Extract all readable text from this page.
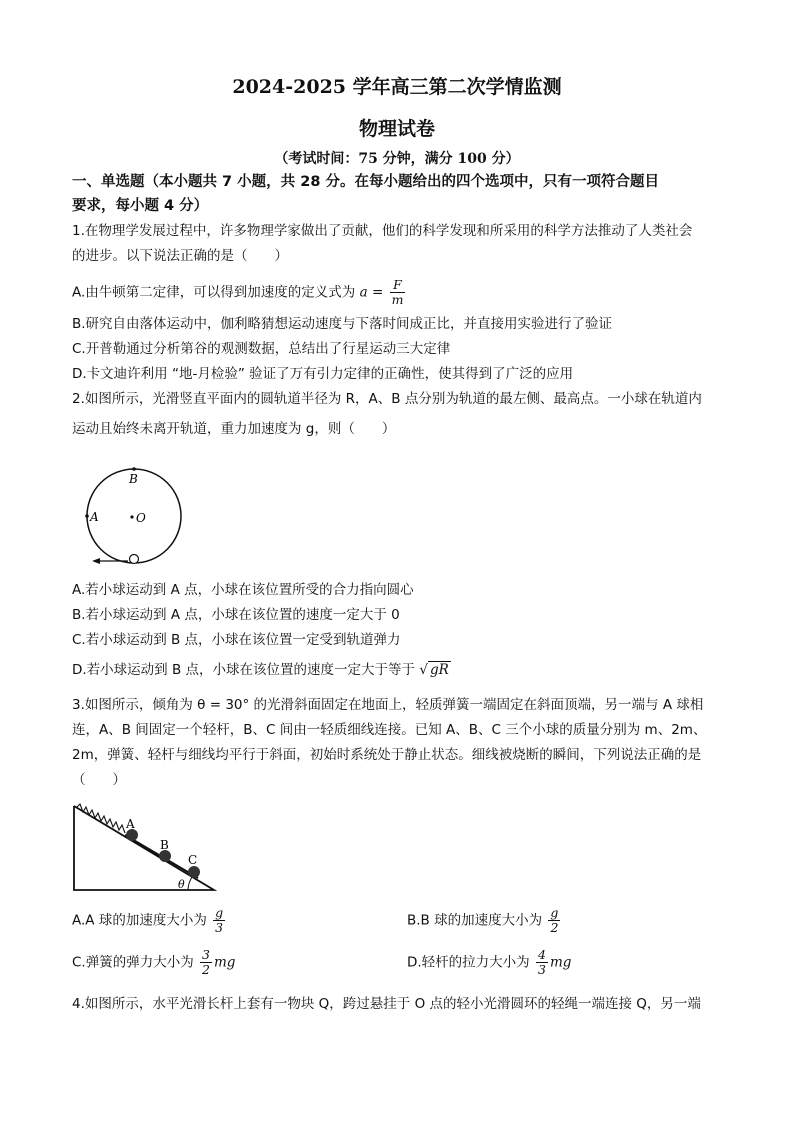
2024-2025 学年高三第二次学情监测
物理试卷
（考试时间：75 分钟，满分 100 分）
一、单选题（本小题共 7 小题，共 28 分。在每小题给出的四个选项中，只有一项符合题目
要求，每小题 4 分）
1.在物理学发展过程中，许多物理学家做出了贡献，他们的科学发现和所采用的科学方法推动了人类社会
的进步。以下说法正确的是（　　）
A.由牛顿第二定律，可以得到加速度的定义式为 $a = \frac{F}{m}$
B.研究自由落体运动中，伽利略猜想运动速度与下落时间成正比，并直接用实验进行了验证
C.开普勒通过分析第谷的观测数据，总结出了行星运动三大定律
D.卡文迪许利用 “地-月检验” 验证了万有引力定律的正确性，使其得到了广泛的应用
2.如图所示，光滑竖直平面内的圆轨道半径为 R，A、B 点分别为轨道的最左侧、最高点。一小球在轨道内
运动且始终未离开轨道，重力加速度为 g，则（　　）
B
A	O
A.若小球运动到 A 点，小球在该位置所受的合力指向圆心
B.若小球运动到 A 点，小球在该位置的速度一定大于 0
C.若小球运动到 B 点，小球在该位置一定受到轨道弹力
D.若小球运动到 B 点，小球在该位置的速度一定大于等于 √ gR
3.如图所示，倾角为 θ = 30° 的光滑斜面固定在地面上，轻质弹簧一端固定在斜面顶端，另一端与 A 球相
连，A、B 间固定一个轻杆，B、C 间由一轻质细线连接。已知 A、B、C 三个小球的质量分别为 m、2m、
2m，弹簧、轻杆与细线均平行于斜面，初始时系统处于静止状态。细线被烧断的瞬间，下列说法正确的是
（　　）
A
B
C
θ
A.A 球的加速度大小为 $\frac{g}{3}$	B.B 球的加速度大小为 $\frac{g}{2}$
C.弹簧的弹力大小为 $\frac{3}{2}$ mg	D.轻杆的拉力大小为 $\frac{4}{3}$ mg
4.如图所示，水平光滑长杆上套有一物块 Q，跨过悬挂于 O 点的轻小光滑圆环的轻绳一端连接 Q，另一端
